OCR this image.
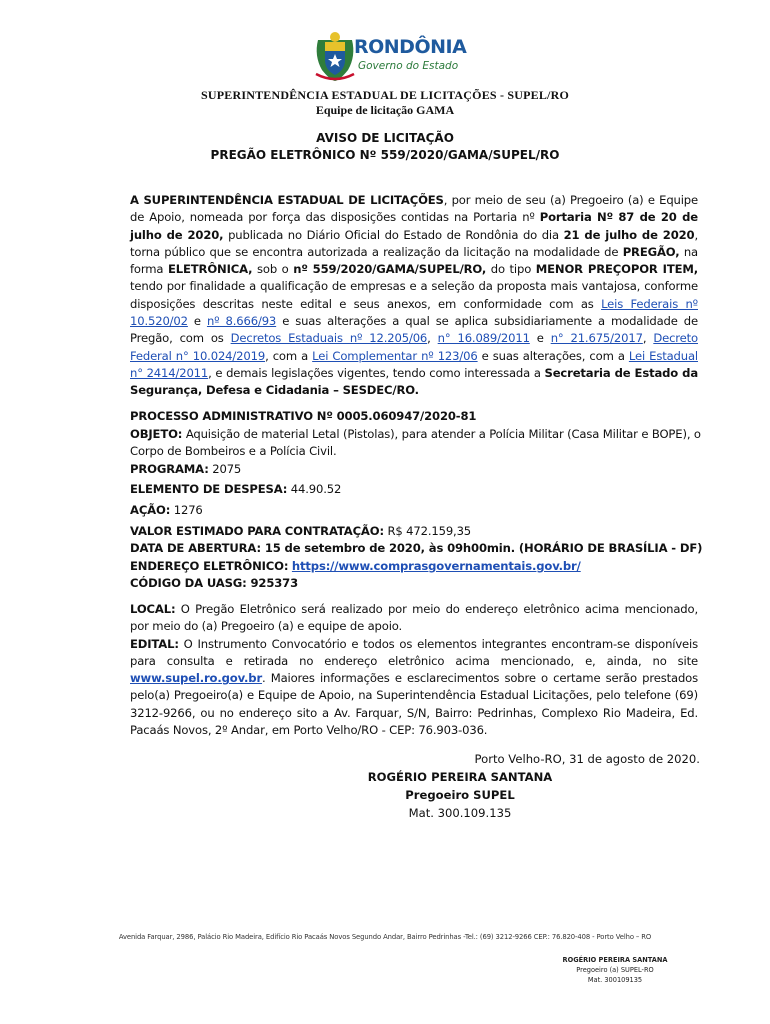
RONDÔNIA
Governo do Estado
SUPERINTENDÊNCIA ESTADUAL DE LICITAÇÕES - SUPEL/RO
Equipe de licitação GAMA
AVISO DE LICITAÇÃO
PREGÃO ELETRÔNICO Nº 559/2020/GAMA/SUPEL/RO
A SUPERINTENDÊNCIA ESTADUAL DE LICITAÇÕES, por meio de seu (a) Pregoeiro (a) e Equipe de Apoio, nomeada por força das disposições contidas na Portaria nº Portaria Nº 87 de 20 de julho de 2020, publicada no Diário Oficial do Estado de Rondônia do dia 21 de julho de 2020, torna público que se encontra autorizada a realização da licitação na modalidade de PREGÃO, na forma ELETRÔNICA, sob o nº 559/2020/GAMA/SUPEL/RO, do tipo MENOR PREÇOPOR ITEM, tendo por finalidade a qualificação de empresas e a seleção da proposta mais vantajosa, conforme disposições descritas neste edital e seus anexos, em conformidade com as Leis Federais nº 10.520/02 e nº 8.666/93 e suas alterações a qual se aplica subsidiariamente a modalidade de Pregão, com os Decretos Estaduais nº 12.205/06, n° 16.089/2011 e n° 21.675/2017, Decreto Federal n° 10.024/2019, com a Lei Complementar nº 123/06 e suas alterações, com a Lei Estadual n° 2414/2011, e demais legislações vigentes, tendo como interessada a Secretaria de Estado da Segurança, Defesa e Cidadania – SESDEC/RO.

PROCESSO ADMINISTRATIVO Nº 0005.060947/2020-81

OBJETO: Aquisição de material Letal (Pistolas), para atender a Polícia Militar (Casa Militar e BOPE), o Corpo de Bombeiros e a Polícia Civil.

PROGRAMA: 2075

ELEMENTO DE DESPESA: 44.90.52

AÇÃO: 1276

VALOR ESTIMADO PARA CONTRATAÇÃO: R$ 472.159,35

DATA DE ABERTURA: 15 de setembro de 2020, às 09h00min. (HORÁRIO DE BRASÍLIA - DF)

ENDEREÇO ELETRÔNICO: https://www.comprasgovernamentais.gov.br/

CÓDIGO DA UASG: 925373

LOCAL: O Pregão Eletrônico será realizado por meio do endereço eletrônico acima mencionado, por meio do (a) Pregoeiro (a) e equipe de apoio.

EDITAL: O Instrumento Convocatório e todos os elementos integrantes encontram-se disponíveis para consulta e retirada no endereço eletrônico acima mencionado, e, ainda, no site www.supel.ro.gov.br. Maiores informações e esclarecimentos sobre o certame serão prestados pelo(a) Pregoeiro(a) e Equipe de Apoio, na Superintendência Estadual Licitações, pelo telefone (69) 3212-9266, ou no endereço sito a Av. Farquar, S/N, Bairro: Pedrinhas, Complexo Rio Madeira, Ed. Pacaás Novos, 2º Andar, em Porto Velho/RO - CEP: 76.903-036.

Porto Velho-RO, 31 de agosto de 2020.
ROGÉRIO PEREIRA SANTANA
Pregoeiro SUPEL
Mat. 300.109.135
Avenida Farquar, 2986, Palácio Rio Madeira, Edifício Rio Pacaás Novos Segundo Andar, Bairro Pedrinhas -Tel.: (69) 3212-9266 CEP.: 76.820-408 - Porto Velho – RO
ROGÉRIO PEREIRA SANTANA
Pregoeiro (a) SUPEL-RO
Mat. 300109135
